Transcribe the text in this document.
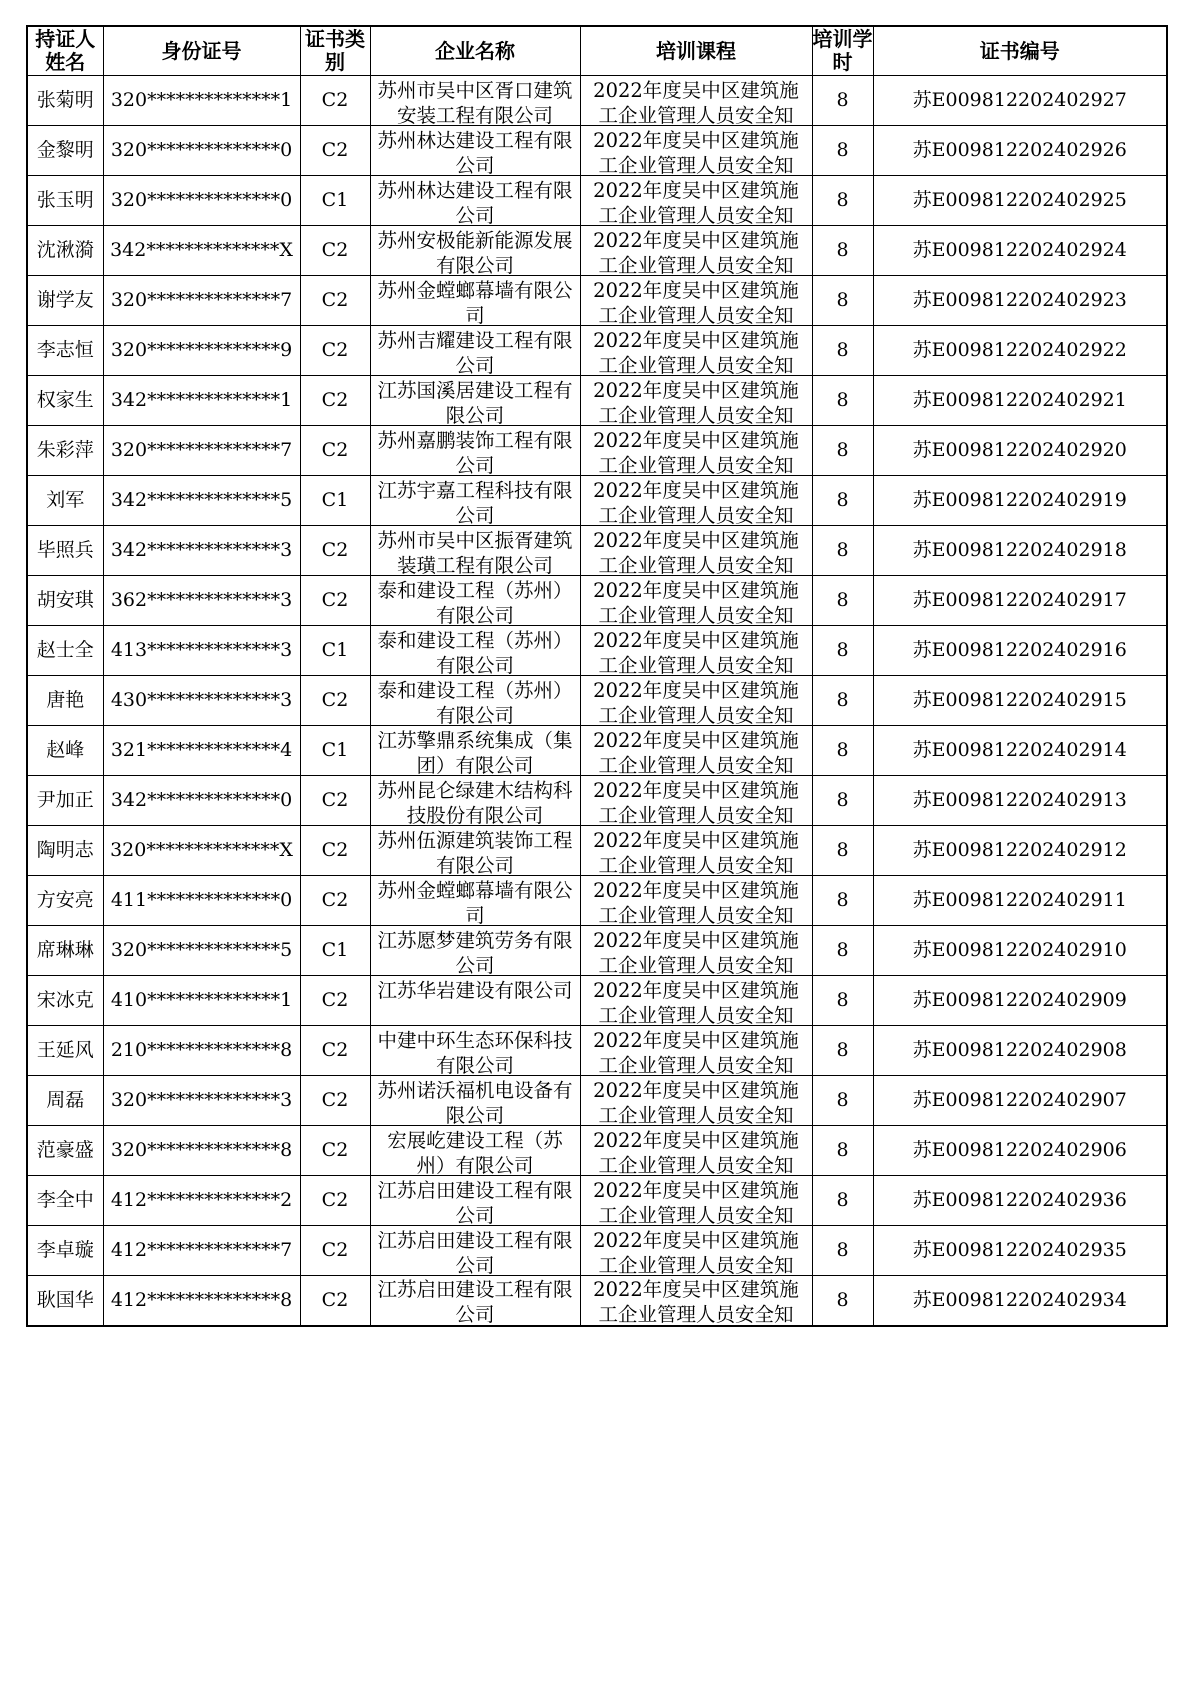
持证人姓名	身份证号	证书类别	企业名称	培训课程	培训学时	证书编号
张菊明	320**************1	C2	苏州市吴中区胥口建筑安装工程有限公司	2022年度吴中区建筑施工企业管理人员安全知	8	苏E009812202402927
金黎明	320**************0	C2	苏州林达建设工程有限公司	2022年度吴中区建筑施工企业管理人员安全知	8	苏E009812202402926
张玉明	320**************0	C1	苏州林达建设工程有限公司	2022年度吴中区建筑施工企业管理人员安全知	8	苏E009812202402925
沈湫漪	342**************X	C2	苏州安极能新能源发展有限公司	2022年度吴中区建筑施工企业管理人员安全知	8	苏E009812202402924
谢学友	320**************7	C2	苏州金螳螂幕墙有限公司	2022年度吴中区建筑施工企业管理人员安全知	8	苏E009812202402923
李志恒	320**************9	C2	苏州吉耀建设工程有限公司	2022年度吴中区建筑施工企业管理人员安全知	8	苏E009812202402922
权家生	342**************1	C2	江苏国溪居建设工程有限公司	2022年度吴中区建筑施工企业管理人员安全知	8	苏E009812202402921
朱彩萍	320**************7	C2	苏州嘉鹏装饰工程有限公司	2022年度吴中区建筑施工企业管理人员安全知	8	苏E009812202402920
刘军	342**************5	C1	江苏宇嘉工程科技有限公司	2022年度吴中区建筑施工企业管理人员安全知	8	苏E009812202402919
毕照兵	342**************3	C2	苏州市吴中区振胥建筑装璜工程有限公司	2022年度吴中区建筑施工企业管理人员安全知	8	苏E009812202402918
胡安琪	362**************3	C2	泰和建设工程（苏州）有限公司	2022年度吴中区建筑施工企业管理人员安全知	8	苏E009812202402917
赵士全	413**************3	C1	泰和建设工程（苏州）有限公司	2022年度吴中区建筑施工企业管理人员安全知	8	苏E009812202402916
唐艳	430**************3	C2	泰和建设工程（苏州）有限公司	2022年度吴中区建筑施工企业管理人员安全知	8	苏E009812202402915
赵峰	321**************4	C1	江苏擎鼎系统集成（集团）有限公司	2022年度吴中区建筑施工企业管理人员安全知	8	苏E009812202402914
尹加正	342**************0	C2	苏州昆仑绿建木结构科技股份有限公司	2022年度吴中区建筑施工企业管理人员安全知	8	苏E009812202402913
陶明志	320**************X	C2	苏州伍源建筑装饰工程有限公司	2022年度吴中区建筑施工企业管理人员安全知	8	苏E009812202402912
方安亮	411**************0	C2	苏州金螳螂幕墙有限公司	2022年度吴中区建筑施工企业管理人员安全知	8	苏E009812202402911
席琳琳	320**************5	C1	江苏愿梦建筑劳务有限公司	2022年度吴中区建筑施工企业管理人员安全知	8	苏E009812202402910
宋冰克	410**************1	C2	江苏华岩建设有限公司	2022年度吴中区建筑施工企业管理人员安全知	8	苏E009812202402909
王延风	210**************8	C2	中建中环生态环保科技有限公司	2022年度吴中区建筑施工企业管理人员安全知	8	苏E009812202402908
周磊	320**************3	C2	苏州诺沃福机电设备有限公司	2022年度吴中区建筑施工企业管理人员安全知	8	苏E009812202402907
范豪盛	320**************8	C2	宏展屹建设工程（苏州）有限公司	2022年度吴中区建筑施工企业管理人员安全知	8	苏E009812202402906
李全中	412**************2	C2	江苏启田建设工程有限公司	2022年度吴中区建筑施工企业管理人员安全知	8	苏E009812202402936
李卓璇	412**************7	C2	江苏启田建设工程有限公司	2022年度吴中区建筑施工企业管理人员安全知	8	苏E009812202402935
耿国华	412**************8	C2	江苏启田建设工程有限公司	2022年度吴中区建筑施工企业管理人员安全知	8	苏E009812202402934
